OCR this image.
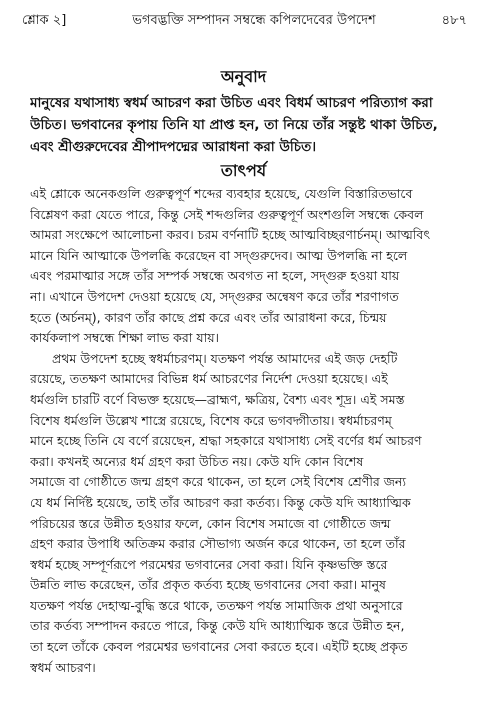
শ্লোক ২]	ভগবদ্ভক্তি সম্পাদন সম্বন্ধে কপিলদেবের উপদেশ	৪৮৭
অনুবাদ
মানুষের যথাসাধ্য স্বধর্ম আচরণ করা উচিত এবং বিধর্ম আচরণ পরিত্যাগ করা
উচিত। ভগবানের কৃপায় তিনি যা প্রাপ্ত হন, তা নিয়ে তাঁর সন্তুষ্ট থাকা উচিত,
এবং শ্রীগুরুদেবের শ্রীপাদপদ্মের আরাধনা করা উচিত।
তাৎপর্য

এই শ্লোকে অনেকগুলি গুরুত্বপূর্ণ শব্দের ব্যবহার হয়েছে, যেগুলি বিস্তারিতভাবে
বিশ্লেষণ করা যেতে পারে, কিন্তু সেই শব্দগুলির গুরুত্বপূর্ণ অংশগুলি সম্বন্ধে কেবল
আমরা সংক্ষেপে আলোচনা করব। চরম বর্ণনাটি হচ্ছে আত্মবিচ্ছরণার্চনম্। আত্মবিৎ
মানে যিনি আত্মাকে উপলব্ধি করেছেন বা সদ্‌গুরুদেব। আত্ম উপলব্ধি না হলে
এবং পরমাত্মার সঙ্গে তাঁর সম্পর্ক সম্বন্ধে অবগত না হলে, সদ্‌গুরু হওয়া যায়
না। এখানে উপদেশ দেওয়া হয়েছে যে, সদ্‌গুরুর অন্বেষণ করে তাঁর শরণাগত
হতে (অর্চনম্), কারণ তাঁর কাছে প্রশ্ন করে এবং তাঁর আরাধনা করে, চিন্ময়
কার্যকলাপ সম্বন্ধে শিক্ষা লাভ করা যায়।

প্রথম উপদেশ হচ্ছে স্বধর্মাচরণম্। যতক্ষণ পর্যন্ত আমাদের এই জড় দেহটি
রয়েছে, ততক্ষণ আমাদের বিভিন্ন ধর্ম আচরণের নির্দেশ দেওয়া হয়েছে। এই
ধর্মগুলি চারটি বর্ণে বিভক্ত হয়েছে—ব্রাহ্মণ, ক্ষত্রিয়, বৈশ্য এবং শূদ্র। এই সমস্ত
বিশেষ ধর্মগুলি উল্লেখ শাস্ত্রে রয়েছে, বিশেষ করে ভগবদ্গীতায়। স্বধর্মাচরণম্
মানে হচ্ছে তিনি যে বর্ণে রয়েছেন, শ্রদ্ধা সহকারে যথাসাধ্য সেই বর্ণের ধর্ম আচরণ
করা। কখনই অন্যের ধর্ম গ্রহণ করা উচিত নয়। কেউ যদি কোন বিশেষ
সমাজে বা গোষ্ঠীতে জন্ম গ্রহণ করে থাকেন, তা হলে সেই বিশেষ শ্রেণীর জন্য
যে ধর্ম নির্দিষ্ট হয়েছে, তাই তাঁর আচরণ করা কর্তব্য। কিন্তু কেউ যদি আধ্যাত্মিক
পরিচয়ের স্তরে উন্নীত হওয়ার ফলে, কোন বিশেষ সমাজে বা গোষ্ঠীতে জন্ম
গ্রহণ করার উপাধি অতিক্রম করার সৌভাগ্য অর্জন করে থাকেন, তা হলে তাঁর
স্বধর্ম হচ্ছে সম্পূর্ণরূপে পরমেশ্বর ভগবানের সেবা করা। যিনি কৃষ্ণভক্তি স্তরে
উন্নতি লাভ করেছেন, তাঁর প্রকৃত কর্তব্য হচ্ছে ভগবানের সেবা করা। মানুষ
যতক্ষণ পর্যন্ত দেহাত্ম-বুদ্ধি স্তরে থাকে, ততক্ষণ পর্যন্ত সামাজিক প্রথা অনুসারে
তার কর্তব্য সম্পাদন করতে পারে, কিন্তু কেউ যদি আধ্যাত্মিক স্তরে উন্নীত হন,
তা হলে তাঁকে কেবল পরমেশ্বর ভগবানের সেবা করতে হবে। এইটি হচ্ছে প্রকৃত
স্বধর্ম আচরণ।
